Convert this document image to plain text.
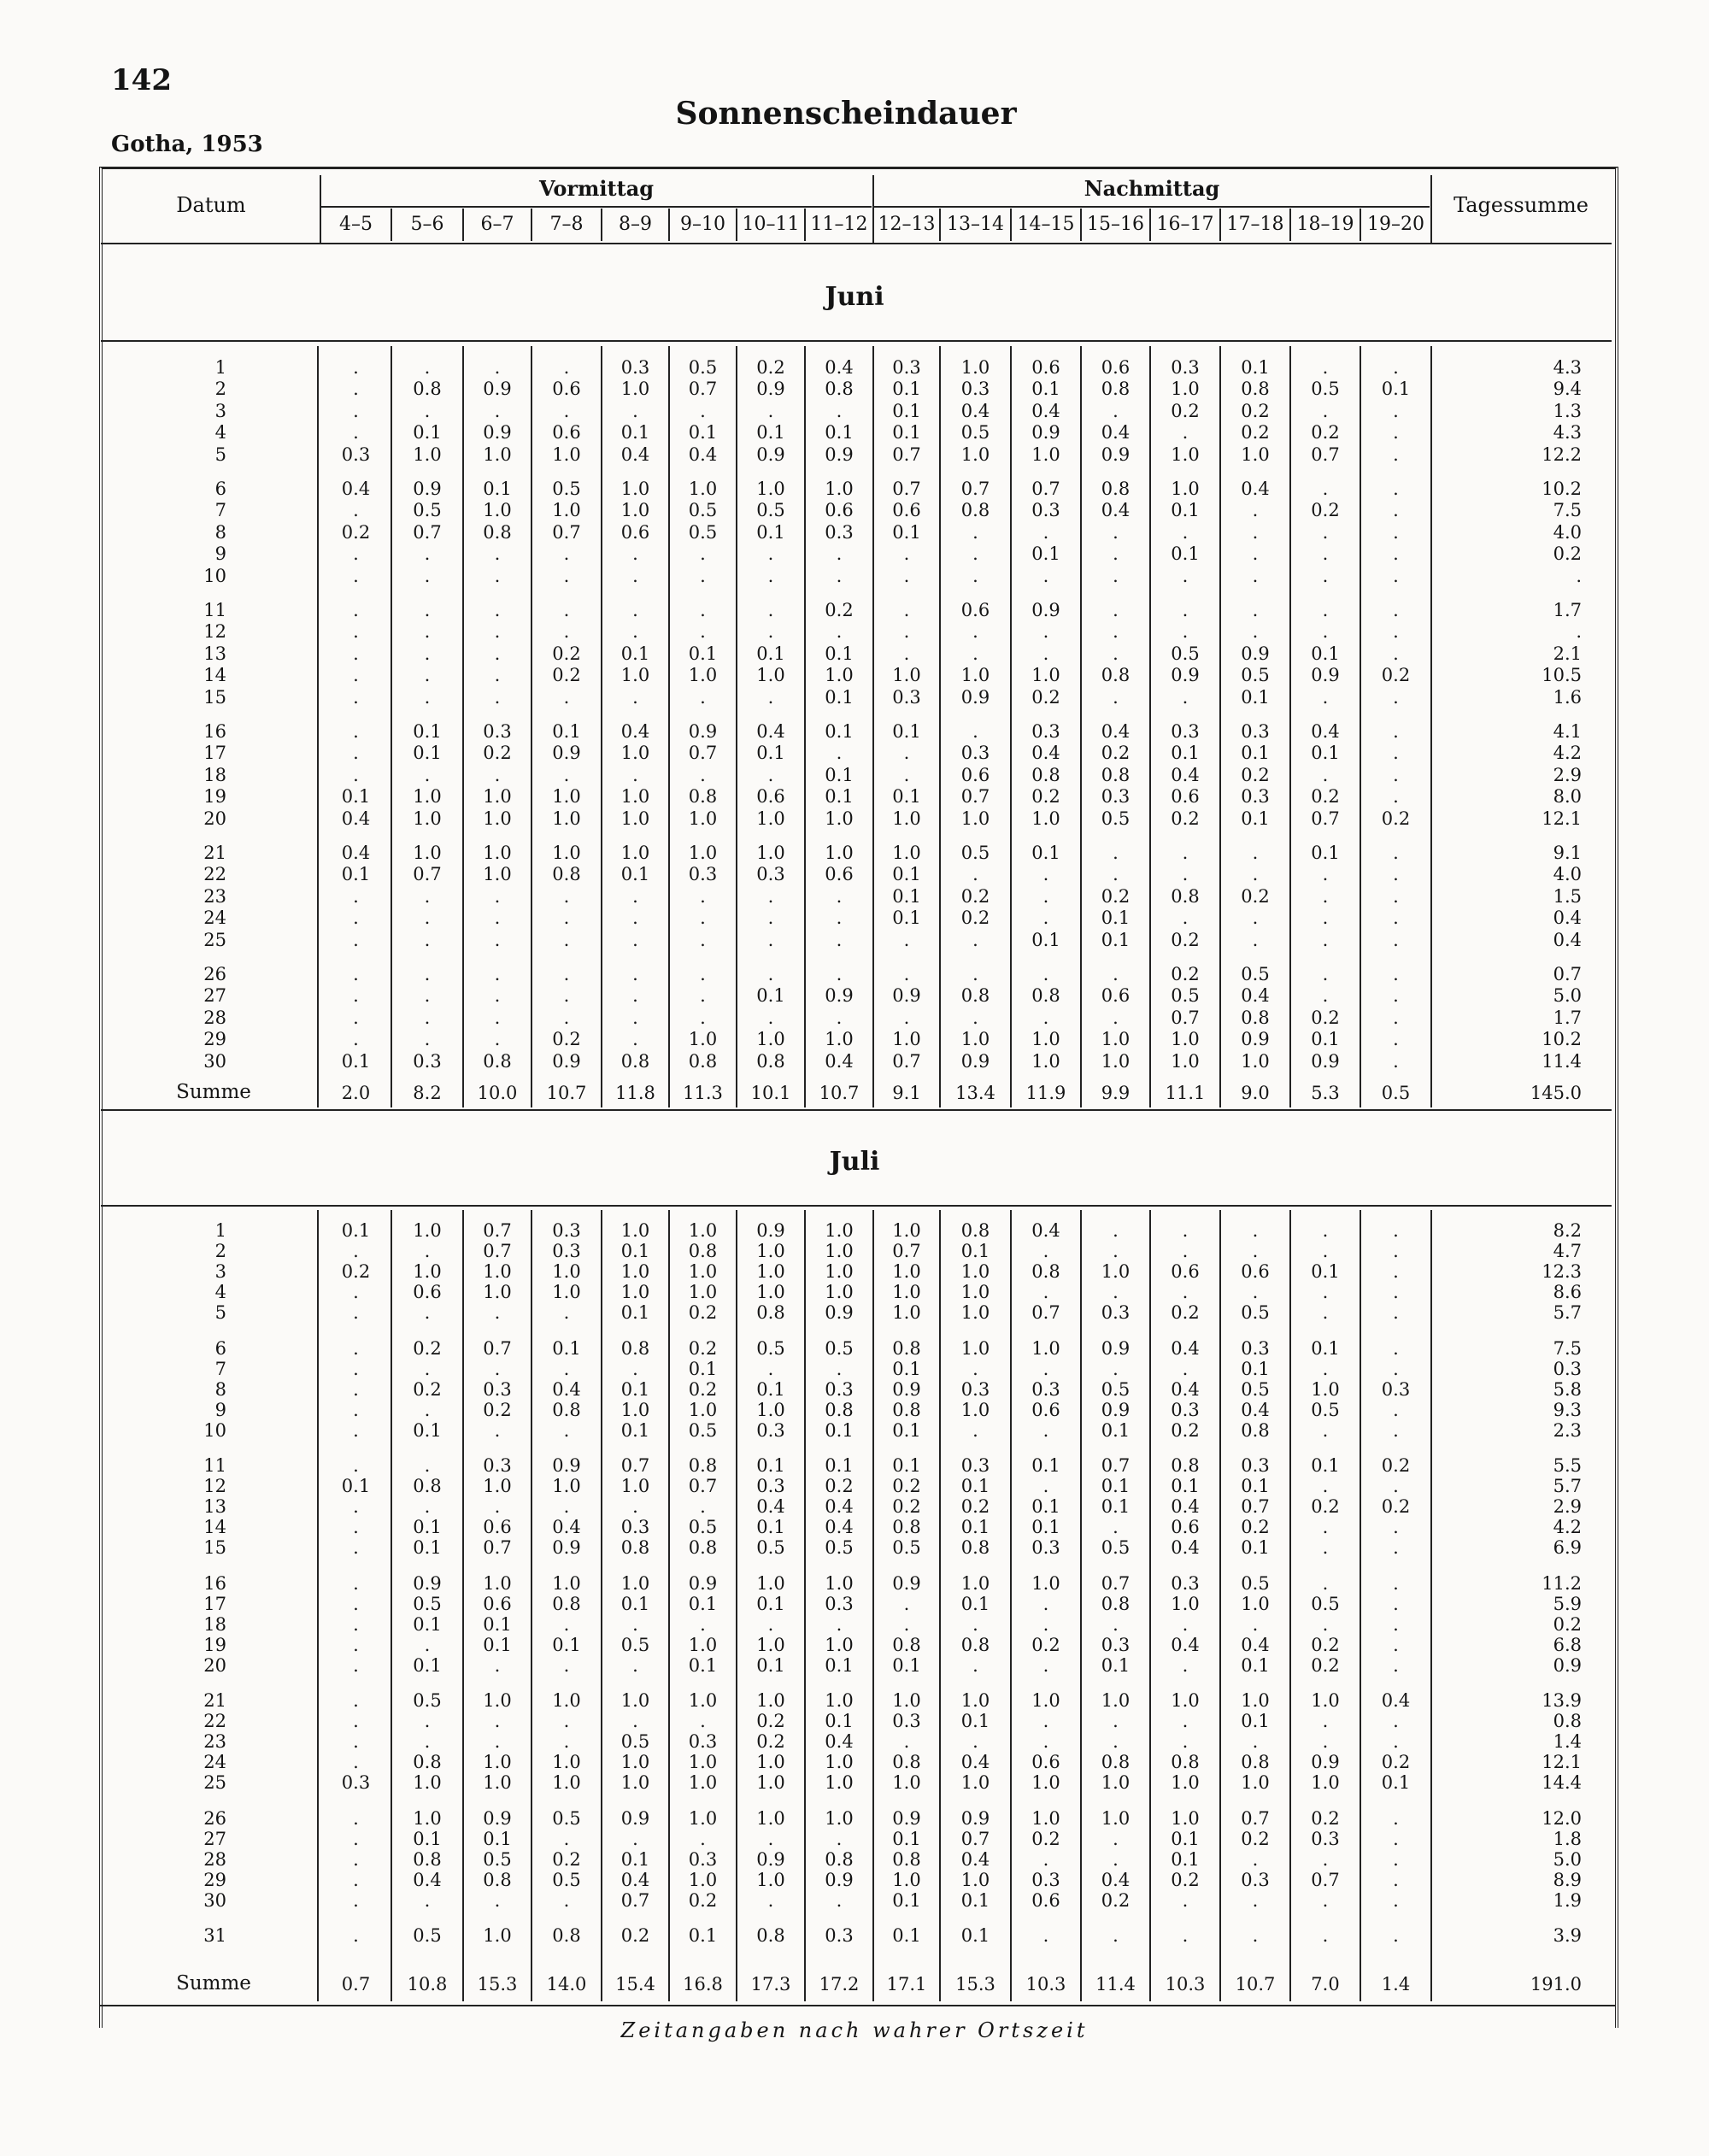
142
Sonnenscheindauer
Gotha, 1953
Zeitangaben nach wahrer Ortszeit
Datum
Vormittag	Nachmittag
Tagessumme
4–5	5–6	6–7	7–8	8–9	9–10 10–11 11–12 12–13 13–14 14–15 15–16 16–17 17–18 18–19 19–20
Juni
1	.	.	.	.	0.3	0.5	0.2	0.4	0.3	1.0	0.6	0.6	0.3	0.1	.	.	4.3
2	.	0.8	0.9	0.6	1.0	0.7	0.9	0.8	0.1	0.3	0.1	0.8	1.0	0.8	0.5	0.1	9.4
3	.	.	.	.	.	.	.	.	0.1	0.4	0.4	.	0.2	0.2	.	.	1.3
4	.	0.1	0.9	0.6	0.1	0.1	0.1	0.1	0.1	0.5	0.9	0.4	.	0.2	0.2	.	4.3
5	0.3	1.0	1.0	1.0	0.4	0.4	0.9	0.9	0.7	1.0	1.0	0.9	1.0	1.0	0.7	.	12.2
6	0.4	0.9	0.1	0.5	1.0	1.0	1.0	1.0	0.7	0.7	0.7	0.8	1.0	0.4	.	.	10.2
7	.	0.5	1.0	1.0	1.0	0.5	0.5	0.6	0.6	0.8	0.3	0.4	0.1	.	0.2	.	7.5
8	0.2	0.7	0.8	0.7	0.6	0.5	0.1	0.3	0.1	.	.	.	.	.	.	.	4.0
9	.	.	.	.	.	.	.	.	.	.	0.1	.	0.1	.	.	.	0.2
10	.	.	.	.	.	.	.	.	.	.	.	.	.	.	.	.	.
11	.	.	.	.	.	.	.	0.2	.	0.6	0.9	.	.	.	.	.	1.7
12	.	.	.	.	.	.	.	.	.	.	.	.	.	.	.	.	.
13	.	.	.	0.2	0.1	0.1	0.1	0.1	.	.	.	.	0.5	0.9	0.1	.	2.1
14	.	.	.	0.2	1.0	1.0	1.0	1.0	1.0	1.0	1.0	0.8	0.9	0.5	0.9	0.2	10.5
15	.	.	.	.	.	.	.	0.1	0.3	0.9	0.2	.	.	0.1	.	.	1.6
16	.	0.1	0.3	0.1	0.4	0.9	0.4	0.1	0.1	.	0.3	0.4	0.3	0.3	0.4	.	4.1
17	.	0.1	0.2	0.9	1.0	0.7	0.1	.	.	0.3	0.4	0.2	0.1	0.1	0.1	.	4.2
18	.	.	.	.	.	.	.	0.1	.	0.6	0.8	0.8	0.4	0.2	.	.	2.9
19	0.1	1.0	1.0	1.0	1.0	0.8	0.6	0.1	0.1	0.7	0.2	0.3	0.6	0.3	0.2	.	8.0
20	0.4	1.0	1.0	1.0	1.0	1.0	1.0	1.0	1.0	1.0	1.0	0.5	0.2	0.1	0.7	0.2	12.1
21	0.4	1.0	1.0	1.0	1.0	1.0	1.0	1.0	1.0	0.5	0.1	.	.	.	0.1	.	9.1
22	0.1	0.7	1.0	0.8	0.1	0.3	0.3	0.6	0.1	.	.	.	.	.	.	.	4.0
23	.	.	.	.	.	.	.	.	0.1	0.2	.	0.2	0.8	0.2	.	.	1.5
24	.	.	.	.	.	.	.	.	0.1	0.2	.	0.1	.	.	.	.	0.4
25	.	.	.	.	.	.	.	.	.	.	0.1	0.1	0.2	.	.	.	0.4
26	.	.	.	.	.	.	.	.	.	.	.	.	0.2	0.5	.	.	0.7
27	.	.	.	.	.	.	0.1	0.9	0.9	0.8	0.8	0.6	0.5	0.4	.	.	5.0
28	.	.	.	.	.	.	.	.	.	.	.	.	0.7	0.8	0.2	.	1.7
29	.	.	.	0.2	.	1.0	1.0	1.0	1.0	1.0	1.0	1.0	1.0	0.9	0.1	.	10.2
30	0.1	0.3	0.8	0.9	0.8	0.8	0.8	0.4	0.7	0.9	1.0	1.0	1.0	1.0	0.9	.	11.4
Summe	2.0	8.2	10.0	10.7	11.8	11.3	10.1	10.7	9.1	13.4	11.9	9.9	11.1	9.0	5.3	0.5	145.0
Juli
1	0.1	1.0	0.7	0.3	1.0	1.0	0.9	1.0	1.0	0.8	0.4	.	.	.	.	.	8.2
2	.	.	0.7	0.3	0.1	0.8	1.0	1.0	0.7	0.1	.	.	.	.	.	.	4.7
3	0.2	1.0	1.0	1.0	1.0	1.0	1.0	1.0	1.0	1.0	0.8	1.0	0.6	0.6	0.1	.	12.3
4	.	0.6	1.0	1.0	1.0	1.0	1.0	1.0	1.0	1.0	.	.	.	.	.	.	8.6
5	.	.	.	.	0.1	0.2	0.8	0.9	1.0	1.0	0.7	0.3	0.2	0.5	.	.	5.7
6	.	0.2	0.7	0.1	0.8	0.2	0.5	0.5	0.8	1.0	1.0	0.9	0.4	0.3	0.1	.	7.5
7	.	.	.	.	.	0.1	.	.	0.1	.	.	.	.	0.1	.	.	0.3
8	.	0.2	0.3	0.4	0.1	0.2	0.1	0.3	0.9	0.3	0.3	0.5	0.4	0.5	1.0	0.3	5.8
9	.	.	0.2	0.8	1.0	1.0	1.0	0.8	0.8	1.0	0.6	0.9	0.3	0.4	0.5	.	9.3
10	.	0.1	.	.	0.1	0.5	0.3	0.1	0.1	.	.	0.1	0.2	0.8	.	.	2.3
11	.	.	0.3	0.9	0.7	0.8	0.1	0.1	0.1	0.3	0.1	0.7	0.8	0.3	0.1	0.2	5.5
12	0.1	0.8	1.0	1.0	1.0	0.7	0.3	0.2	0.2	0.1	.	0.1	0.1	0.1	.	.	5.7
13	.	.	.	.	.	.	0.4	0.4	0.2	0.2	0.1	0.1	0.4	0.7	0.2	0.2	2.9
14	.	0.1	0.6	0.4	0.3	0.5	0.1	0.4	0.8	0.1	0.1	.	0.6	0.2	.	.	4.2
15	.	0.1	0.7	0.9	0.8	0.8	0.5	0.5	0.5	0.8	0.3	0.5	0.4	0.1	.	.	6.9
16	.	0.9	1.0	1.0	1.0	0.9	1.0	1.0	0.9	1.0	1.0	0.7	0.3	0.5	.	.	11.2
17	.	0.5	0.6	0.8	0.1	0.1	0.1	0.3	.	0.1	.	0.8	1.0	1.0	0.5	.	5.9
18	.	0.1	0.1	.	.	.	.	.	.	.	.	.	.	.	.	.	0.2
19	.	.	0.1	0.1	0.5	1.0	1.0	1.0	0.8	0.8	0.2	0.3	0.4	0.4	0.2	.	6.8
20	.	0.1	.	.	.	0.1	0.1	0.1	0.1	.	.	0.1	.	0.1	0.2	.	0.9
21	.	0.5	1.0	1.0	1.0	1.0	1.0	1.0	1.0	1.0	1.0	1.0	1.0	1.0	1.0	0.4	13.9
22	.	.	.	.	.	.	0.2	0.1	0.3	0.1	.	.	.	0.1	.	.	0.8
23	.	.	.	.	0.5	0.3	0.2	0.4	.	.	.	.	.	.	.	.	1.4
24	.	0.8	1.0	1.0	1.0	1.0	1.0	1.0	0.8	0.4	0.6	0.8	0.8	0.8	0.9	0.2	12.1
25	0.3	1.0	1.0	1.0	1.0	1.0	1.0	1.0	1.0	1.0	1.0	1.0	1.0	1.0	1.0	0.1	14.4
26	.	1.0	0.9	0.5	0.9	1.0	1.0	1.0	0.9	0.9	1.0	1.0	1.0	0.7	0.2	.	12.0
27	.	0.1	0.1	.	.	.	.	.	0.1	0.7	0.2	.	0.1	0.2	0.3	.	1.8
28	.	0.8	0.5	0.2	0.1	0.3	0.9	0.8	0.8	0.4	.	.	0.1	.	.	.	5.0
29	.	0.4	0.8	0.5	0.4	1.0	1.0	0.9	1.0	1.0	0.3	0.4	0.2	0.3	0.7	.	8.9
30	.	.	.	.	0.7	0.2	.	.	0.1	0.1	0.6	0.2	.	.	.	.	1.9
31	.	0.5	1.0	0.8	0.2	0.1	0.8	0.3	0.1	0.1	.	.	.	.	.	.	3.9
Summe	0.7	10.8	15.3	14.0	15.4	16.8	17.3	17.2	17.1	15.3	10.3	11.4	10.3	10.7	7.0	1.4	191.0
